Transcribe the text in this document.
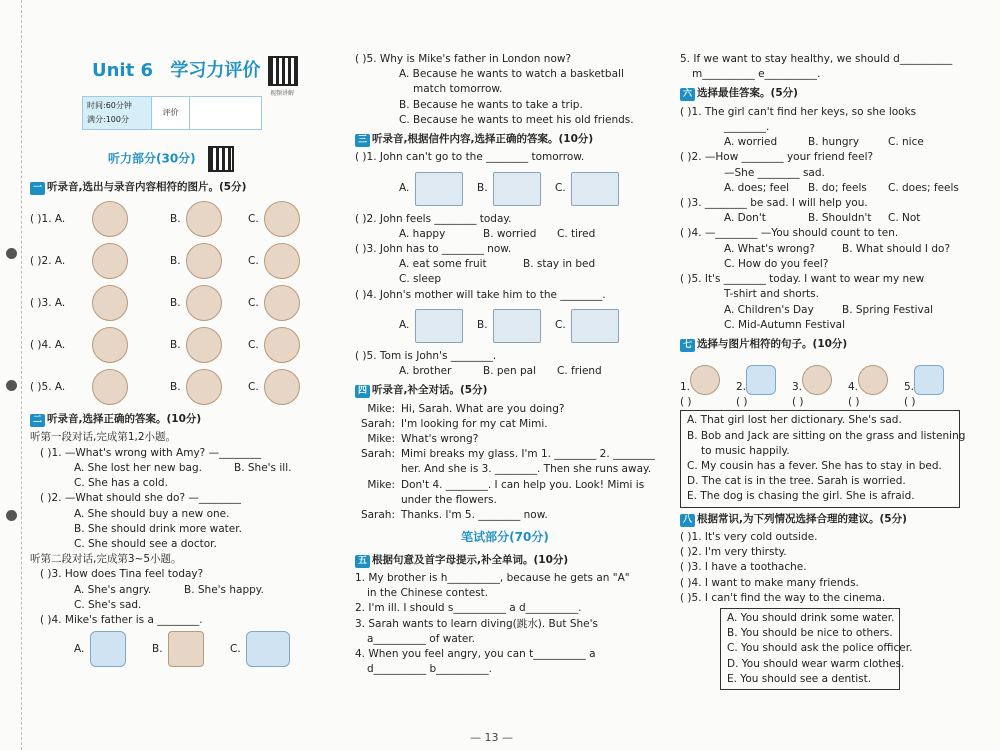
Unit 6 学习力评价
视频讲解
时间:60分钟
满分:100分
评价
听力部分(30分)
一 听录音,选出与录音内容相符的图片。(5分)
( )1. A.	B.	C.
( )2. A.	B.	C.
( )3. A.	B.	C.
( )4. A.	B.	C.
( )5. A.	B.	C.
二 听录音,选择正确的答案。(10分)
听第一段对话,完成第1,2小题。
( )1. —What's wrong with Amy? —________
A. She lost her new bag.	B. She's ill.
C. She has a cold.
( )2. —What should she do? —________
A. She should buy a new one.
B. She should drink more water.
C. She should see a doctor.
听第二段对话,完成第3~5小题。
( )3. How does Tina feel today?
A. She's angry.	B. She's happy.
C. She's sad.
( )4. Mike's father is a ________.
A.	B.	C.
( )5. Why is Mike's father in London now?
A. Because he wants to watch a basketball
match tomorrow.
B. Because he wants to take a trip.
C. Because he wants to meet his old friends.
三 听录音,根据信件内容,选择正确的答案。(10分)
( )1. John can't go to the ________ tomorrow.
A.	B.	C.
( )2. John feels ________ today.
A. happy	B. worried C. tired
( )3. John has to ________ now.
A. eat some fruit	B. stay in bed
C. sleep
( )4. John's mother will take him to the ________.
A.	B.	C.
( )5. Tom is John's ________.
A. brother	B. pen pal C. friend
四 听录音,补全对话。(5分)
Mike: Hi, Sarah. What are you doing?
Sarah: I'm looking for my cat Mimi.
Mike: What's wrong?
Sarah: Mimi breaks my glass. I'm 1. ________ 2. ________
her. And she is 3. ________. Then she runs away.
Mike: Don't 4. ________. I can help you. Look! Mimi is
under the flowers.
Sarah: Thanks. I'm 5. ________ now.
笔试部分(70分)
五 根据句意及首字母提示,补全单词。(10分)
1. My brother is h__________, because he gets an "A"
in the Chinese contest.
2. I'm ill. I should s__________ a d__________.
3. Sarah wants to learn diving(跳水). But She's
a__________ of water.
4. When you feel angry, you can t__________ a
d__________ b__________.
5. If we want to stay healthy, we should d__________
m__________ e__________.
六 选择最佳答案。(5分)
( )1. The girl can't find her keys, so she looks
________.
A. worried	B. hungry	C. nice
( )2. —How ________ your friend feel?
—She ________ sad.
A. does; feel B. do; feels C. does; feels
( )3. ________ be sad. I will help you.
A. Don't	B. Shouldn't C. Not
( )4. —________ —You should count to ten.
A. What's wrong?	B. What should I do?
C. How do you feel?
( )5. It's ________ today. I want to wear my new
T-shirt and shorts.
A. Children's Day	B. Spring Festival
C. Mid-Autumn Festival
七 选择与图片相符的句子。(10分)
1.	2.	3.	4.	5.
( )	( )	( )	( )	( )
A. That girl lost her dictionary. She's sad.
B. Bob and Jack are sitting on the grass and listening
to music happily.
C. My cousin has a fever. She has to stay in bed.
D. The cat is in the tree. Sarah is worried.
E. The dog is chasing the girl. She is afraid.
八 根据常识,为下列情况选择合理的建议。(5分)
( )1. It's very cold outside.
( )2. I'm very thirsty.
( )3. I have a toothache.
( )4. I want to make many friends.
( )5. I can't find the way to the cinema.
A. You should drink some water.
B. You should be nice to others.
C. You should ask the police officer.
D. You should wear warm clothes.
E. You should see a dentist.
— 13 —
